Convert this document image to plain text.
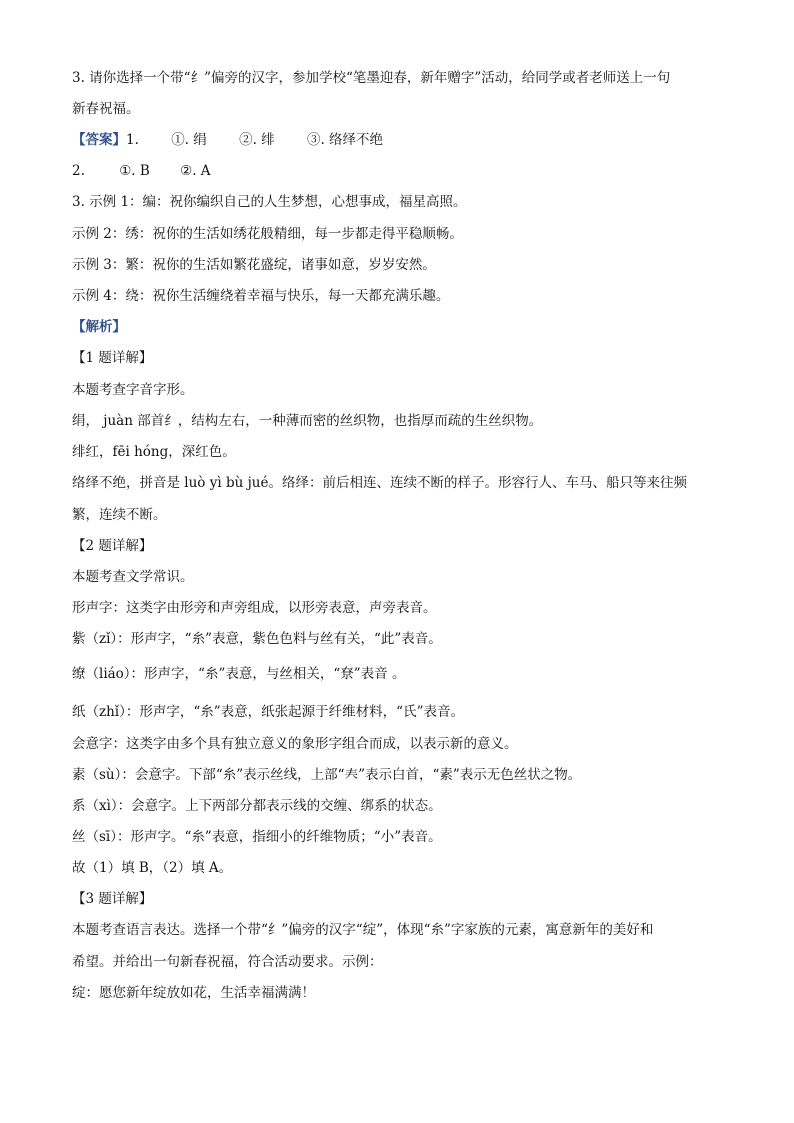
3. 请你选择一个带“纟”偏旁的汉字，参加学校“笔墨迎春，新年赠字”活动，给同学或者老师送上一句
新春祝福。
【答案】1. ①. 绢 ②. 绯 ③. 络绎不绝
2.	①. B ②. A
3. 示例 1：编：祝你编织自己的人生梦想，心想事成，福星高照。
示例 2：绣：祝你的生活如绣花般精细，每一步都走得平稳顺畅。
示例 3：繁：祝你的生活如繁花盛绽，诸事如意，岁岁安然。
示例 4：绕：祝你生活缠绕着幸福与快乐，每一天都充满乐趣。
【解析】
【1 题详解】
本题考查字音字形。
绢， juàn 部首纟，结构左右，一种薄而密的丝织物，也指厚而疏的生丝织物。
绯红，fēi hóng，深红色。
络绎不绝，拼音是 luò yì bù jué。络绎：前后相连、连续不断的样子。形容行人、车马、船只等来往频
繁，连续不断。
【2 题详解】
本题考查文学常识。
形声字：这类字由形旁和声旁组成，以形旁表意，声旁表音。
紫（zǐ）：形声字，“糸”表意，紫色色料与丝有关，“此”表音。
缭（liáo）：形声字，“糸”表意，与丝相关，“尞”表音 。
纸（zhǐ）：形声字，“糸”表意，纸张起源于纤维材料，“氏”表音。
会意字：这类字由多个具有独立意义的象形字组合而成，以表示新的意义。
素（sù）：会意字。下部“糸”表示丝线，上部“𡗗”表示白首，“素”表示无色丝状之物。
系（xì）：会意字。上下两部分都表示线的交缠、绑系的状态。
丝（sī）：形声字。“糸”表意，指细小的纤维物质；“小”表音。
故（1）填 B，（2）填 A。
【3 题详解】
本题考查语言表达。选择一个带“纟”偏旁的汉字“绽”，体现“糸”字家族的元素，寓意新年的美好和
希望。并给出一句新春祝福，符合活动要求。示例：
绽：愿您新年绽放如花，生活幸福满满！
